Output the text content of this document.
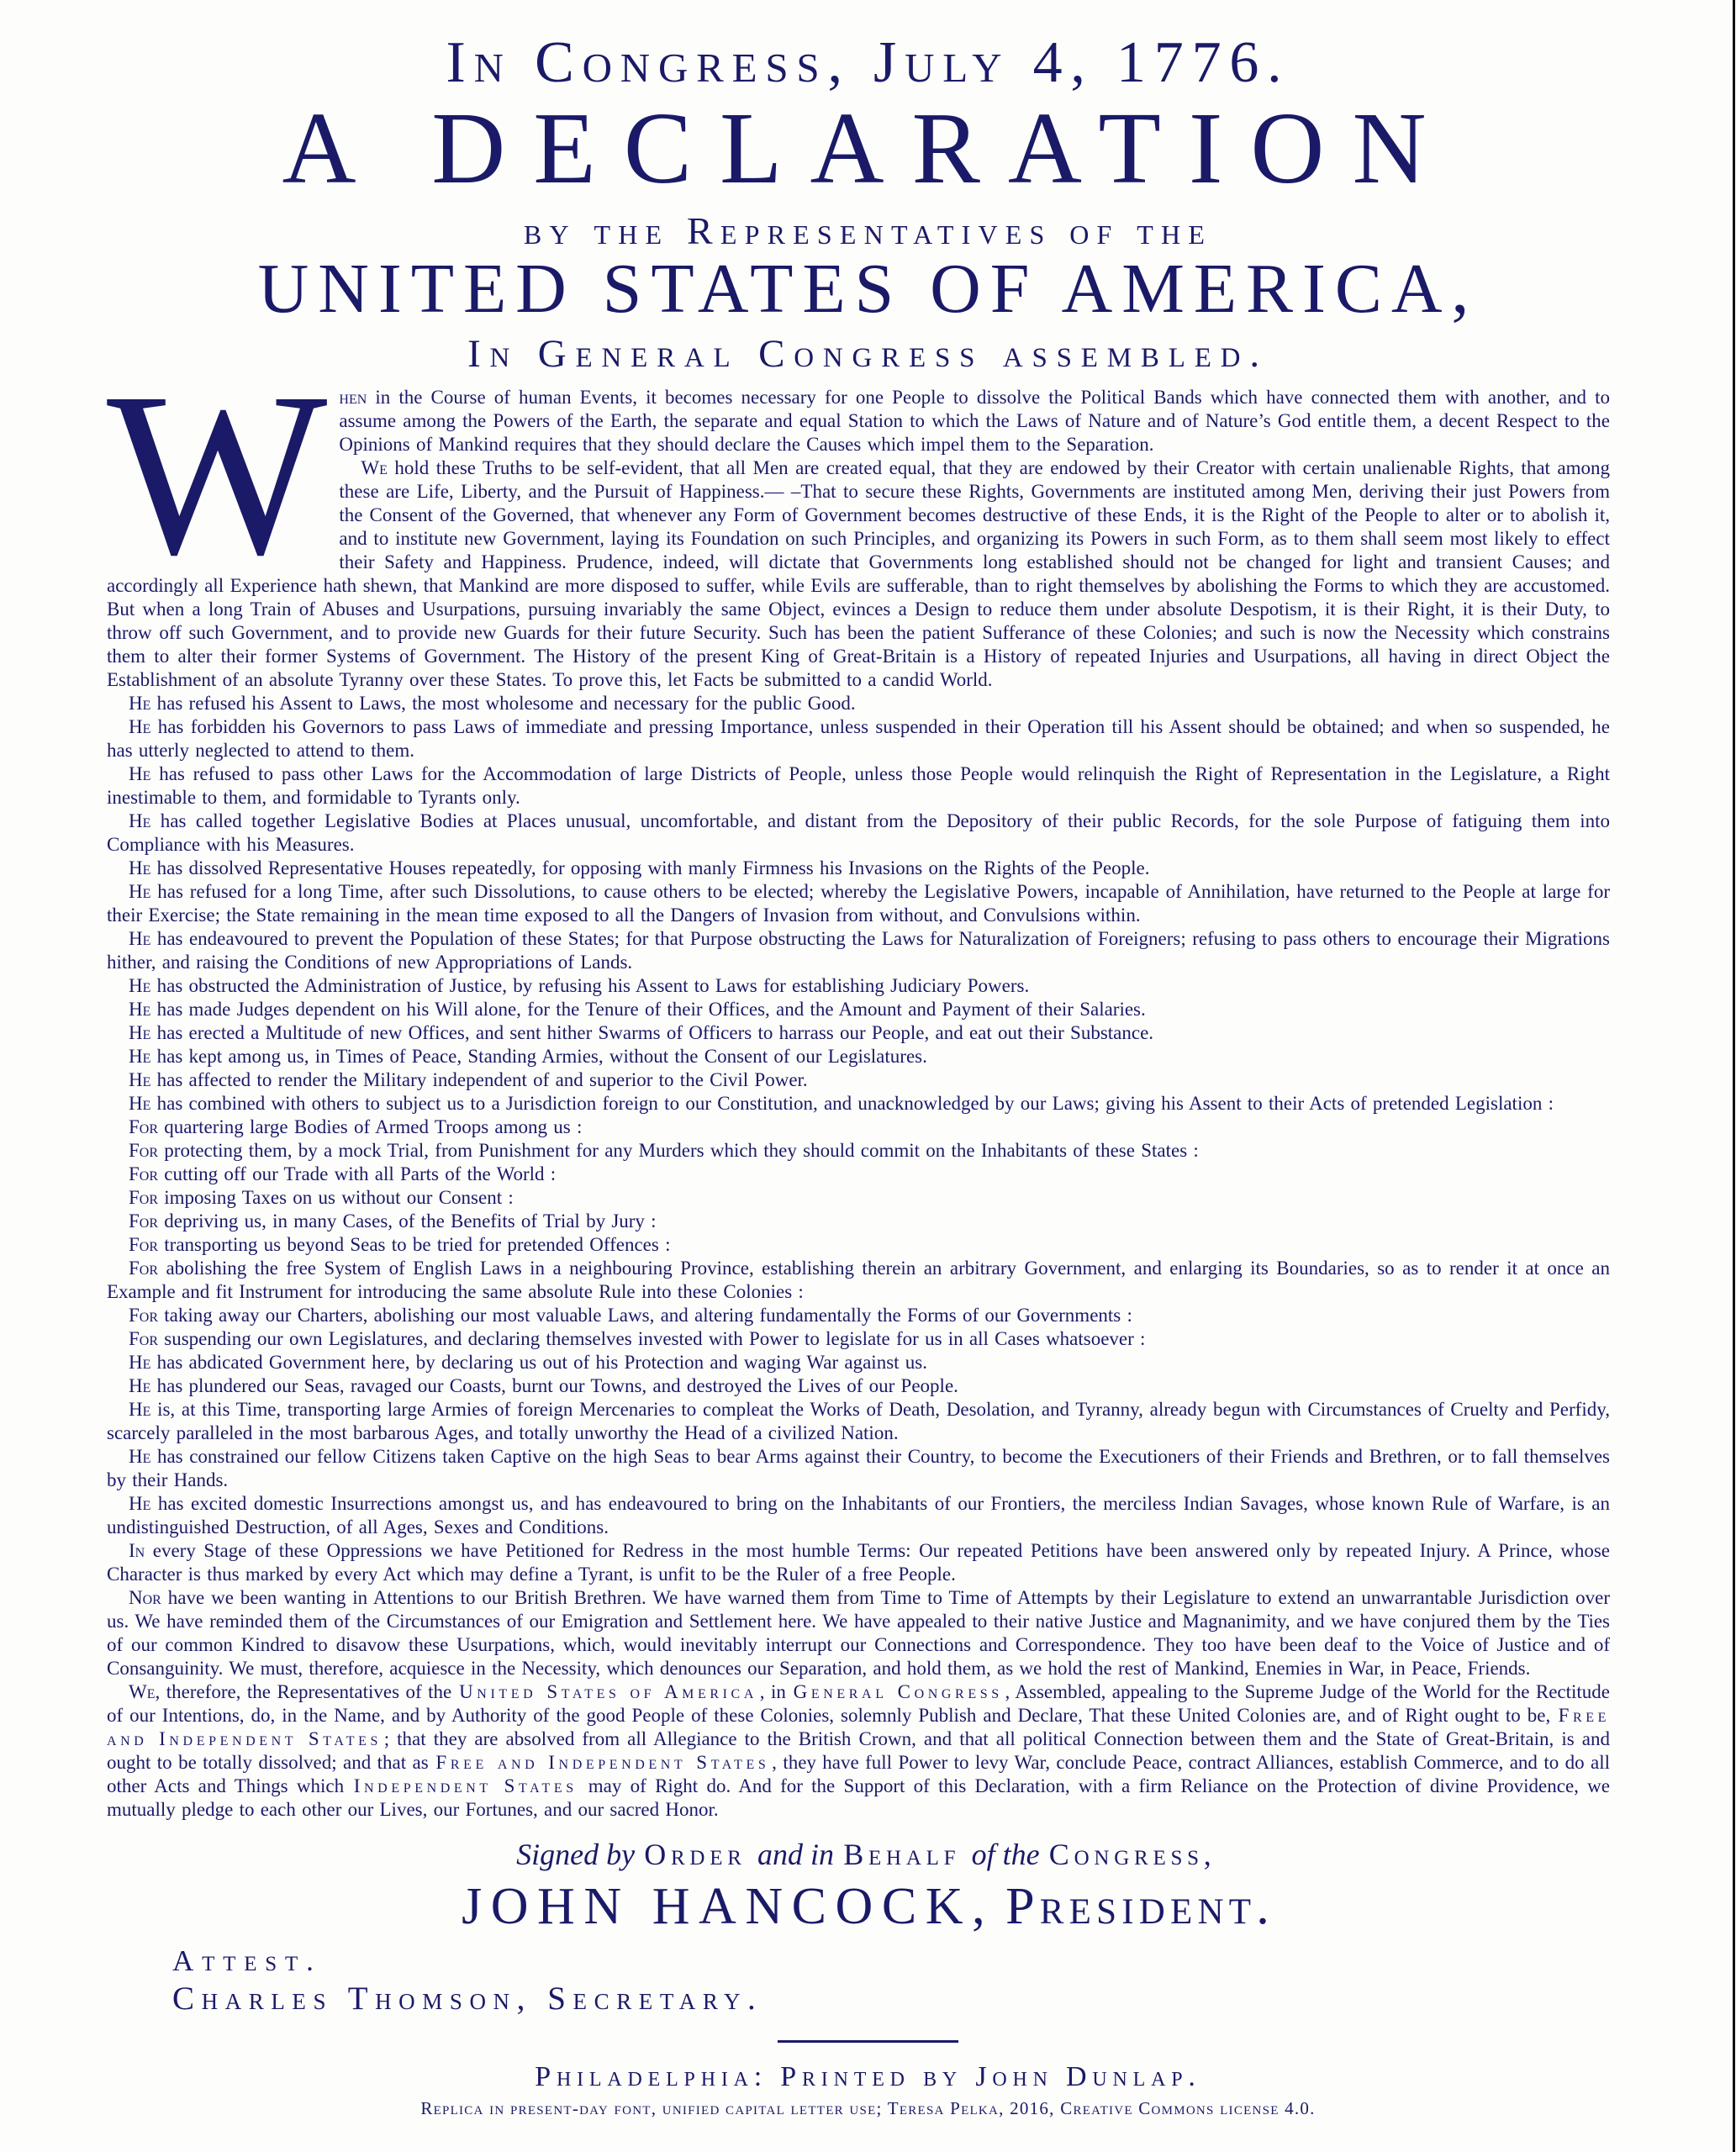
In Congress, July 4, 1776.
A DECLARATION
by the Representatives of the
UNITED STATES OF AMERICA,
In General Congress assembled.

When in the Course of human Events, it becomes necessary for one People to dissolve the Political Bands which have connected them with another, and to assume among the Powers of the Earth, the separate and equal Station to which the Laws of Nature and of Nature’s God entitle them, a decent Respect to the Opinions of Mankind requires that they should declare the Causes which impel them to the Separation.

We hold these Truths to be self-evident, that all Men are created equal, that they are endowed by their Creator with certain unalienable Rights, that among these are Life, Liberty, and the Pursuit of Happiness.— –That to secure these Rights, Governments are instituted among Men, deriving their just Powers from the Consent of the Governed, that whenever any Form of Government becomes destructive of these Ends, it is the Right of the People to alter or to abolish it, and to institute new Government, laying its Foundation on such Principles, and organizing its Powers in such Form, as to them shall seem most likely to effect their Safety and Happiness. Prudence, indeed, will dictate that Governments long established should not be changed for light and transient Causes; and accordingly all Experience hath shewn, that Mankind are more disposed to suffer, while Evils are sufferable, than to right themselves by abolishing the Forms to which they are accustomed. But when a long Train of Abuses and Usurpations, pursuing invariably the same Object, evinces a Design to reduce them under absolute Despotism, it is their Right, it is their Duty, to throw off such Government, and to provide new Guards for their future Security. Such has been the patient Sufferance of these Colonies; and such is now the Necessity which constrains them to alter their former Systems of Government. The History of the present King of Great-Britain is a History of repeated Injuries and Usurpations, all having in direct Object the Establishment of an absolute Tyranny over these States. To prove this, let Facts be submitted to a candid World.

He has refused his Assent to Laws, the most wholesome and necessary for the public Good.

He has forbidden his Governors to pass Laws of immediate and pressing Importance, unless suspended in their Operation till his Assent should be obtained; and when so suspended, he has utterly neglected to attend to them.

He has refused to pass other Laws for the Accommodation of large Districts of People, unless those People would relinquish the Right of Representation in the Legislature, a Right inestimable to them, and formidable to Tyrants only.

He has called together Legislative Bodies at Places unusual, uncomfortable, and distant from the Depository of their public Records, for the sole Purpose of fatiguing them into Compliance with his Measures.

He has dissolved Representative Houses repeatedly, for opposing with manly Firmness his Invasions on the Rights of the People.

He has refused for a long Time, after such Dissolutions, to cause others to be elected; whereby the Legislative Powers, incapable of Annihilation, have returned to the People at large for their Exercise; the State remaining in the mean time exposed to all the Dangers of Invasion from without, and Convulsions within.

He has endeavoured to prevent the Population of these States; for that Purpose obstructing the Laws for Naturalization of Foreigners; refusing to pass others to encourage their Migrations hither, and raising the Conditions of new Appropriations of Lands.

He has obstructed the Administration of Justice, by refusing his Assent to Laws for establishing Judiciary Powers.

He has made Judges dependent on his Will alone, for the Tenure of their Offices, and the Amount and Payment of their Salaries.

He has erected a Multitude of new Offices, and sent hither Swarms of Officers to harrass our People, and eat out their Substance.

He has kept among us, in Times of Peace, Standing Armies, without the Consent of our Legislatures.

He has affected to render the Military independent of and superior to the Civil Power.

He has combined with others to subject us to a Jurisdiction foreign to our Constitution, and unacknowledged by our Laws; giving his Assent to their Acts of pretended Legislation :

For quartering large Bodies of Armed Troops among us :

For protecting them, by a mock Trial, from Punishment for any Murders which they should commit on the Inhabitants of these States :

For cutting off our Trade with all Parts of the World :

For imposing Taxes on us without our Consent :

For depriving us, in many Cases, of the Benefits of Trial by Jury :

For transporting us beyond Seas to be tried for pretended Offences :

For abolishing the free System of English Laws in a neighbouring Province, establishing therein an arbitrary Government, and enlarging its Boundaries, so as to render it at once an Example and fit Instrument for introducing the same absolute Rule into these Colonies :

For taking away our Charters, abolishing our most valuable Laws, and altering fundamentally the Forms of our Governments :

For suspending our own Legislatures, and declaring themselves invested with Power to legislate for us in all Cases whatsoever :

He has abdicated Government here, by declaring us out of his Protection and waging War against us.

He has plundered our Seas, ravaged our Coasts, burnt our Towns, and destroyed the Lives of our People.

He is, at this Time, transporting large Armies of foreign Mercenaries to compleat the Works of Death, Desolation, and Tyranny, already begun with Circumstances of Cruelty and Perfidy, scarcely paralleled in the most barbarous Ages, and totally unworthy the Head of a civilized Nation.

He has constrained our fellow Citizens taken Captive on the high Seas to bear Arms against their Country, to become the Executioners of their Friends and Brethren, or to fall themselves by their Hands.

He has excited domestic Insurrections amongst us, and has endeavoured to bring on the Inhabitants of our Frontiers, the merciless Indian Savages, whose known Rule of Warfare, is an undistinguished Destruction, of all Ages, Sexes and Conditions.

In every Stage of these Oppressions we have Petitioned for Redress in the most humble Terms: Our repeated Petitions have been answered only by repeated Injury. A Prince, whose Character is thus marked by every Act which may define a Tyrant, is unfit to be the Ruler of a free People.

Nor have we been wanting in Attentions to our British Brethren. We have warned them from Time to Time of Attempts by their Legislature to extend an unwarrantable Jurisdiction over us. We have reminded them of the Circumstances of our Emigration and Settlement here. We have appealed to their native Justice and Magnanimity, and we have conjured them by the Ties of our common Kindred to disavow these Usurpations, which, would inevitably interrupt our Connections and Correspondence. They too have been deaf to the Voice of Justice and of Consanguinity. We must, therefore, acquiesce in the Necessity, which denounces our Separation, and hold them, as we hold the rest of Mankind, Enemies in War, in Peace, Friends.

We, therefore, the Representatives of the United States of America , in General Congress , Assembled, appealing to the Supreme Judge of the World for the Rectitude of our Intentions, do, in the Name, and by Authority of the good People of these Colonies, solemnly Publish and Declare, That these United Colonies are, and of Right ought to be, Free and Independent States ; that they are absolved from all Allegiance to the British Crown, and that all political Connection between them and the State of Great-Britain, is and ought to be totally dissolved; and that as Free and Independent States , they have full Power to levy War, conclude Peace, contract Alliances, establish Commerce, and to do all other Acts and Things which Independent States may of Right do. And for the Support of this Declaration, with a firm Reliance on the Protection of divine Providence, we mutually pledge to each other our Lives, our Fortunes, and our sacred Honor.

Signed by Order and in Behalf of the Congress,
JOHN HANCOCK, President.
Attest.
Charles Thomson, Secretary.
Philadelphia: Printed by John Dunlap.
Replica in present-day font, unified capital letter use; Teresa Pelka, 2016, Creative Commons license 4.0.
